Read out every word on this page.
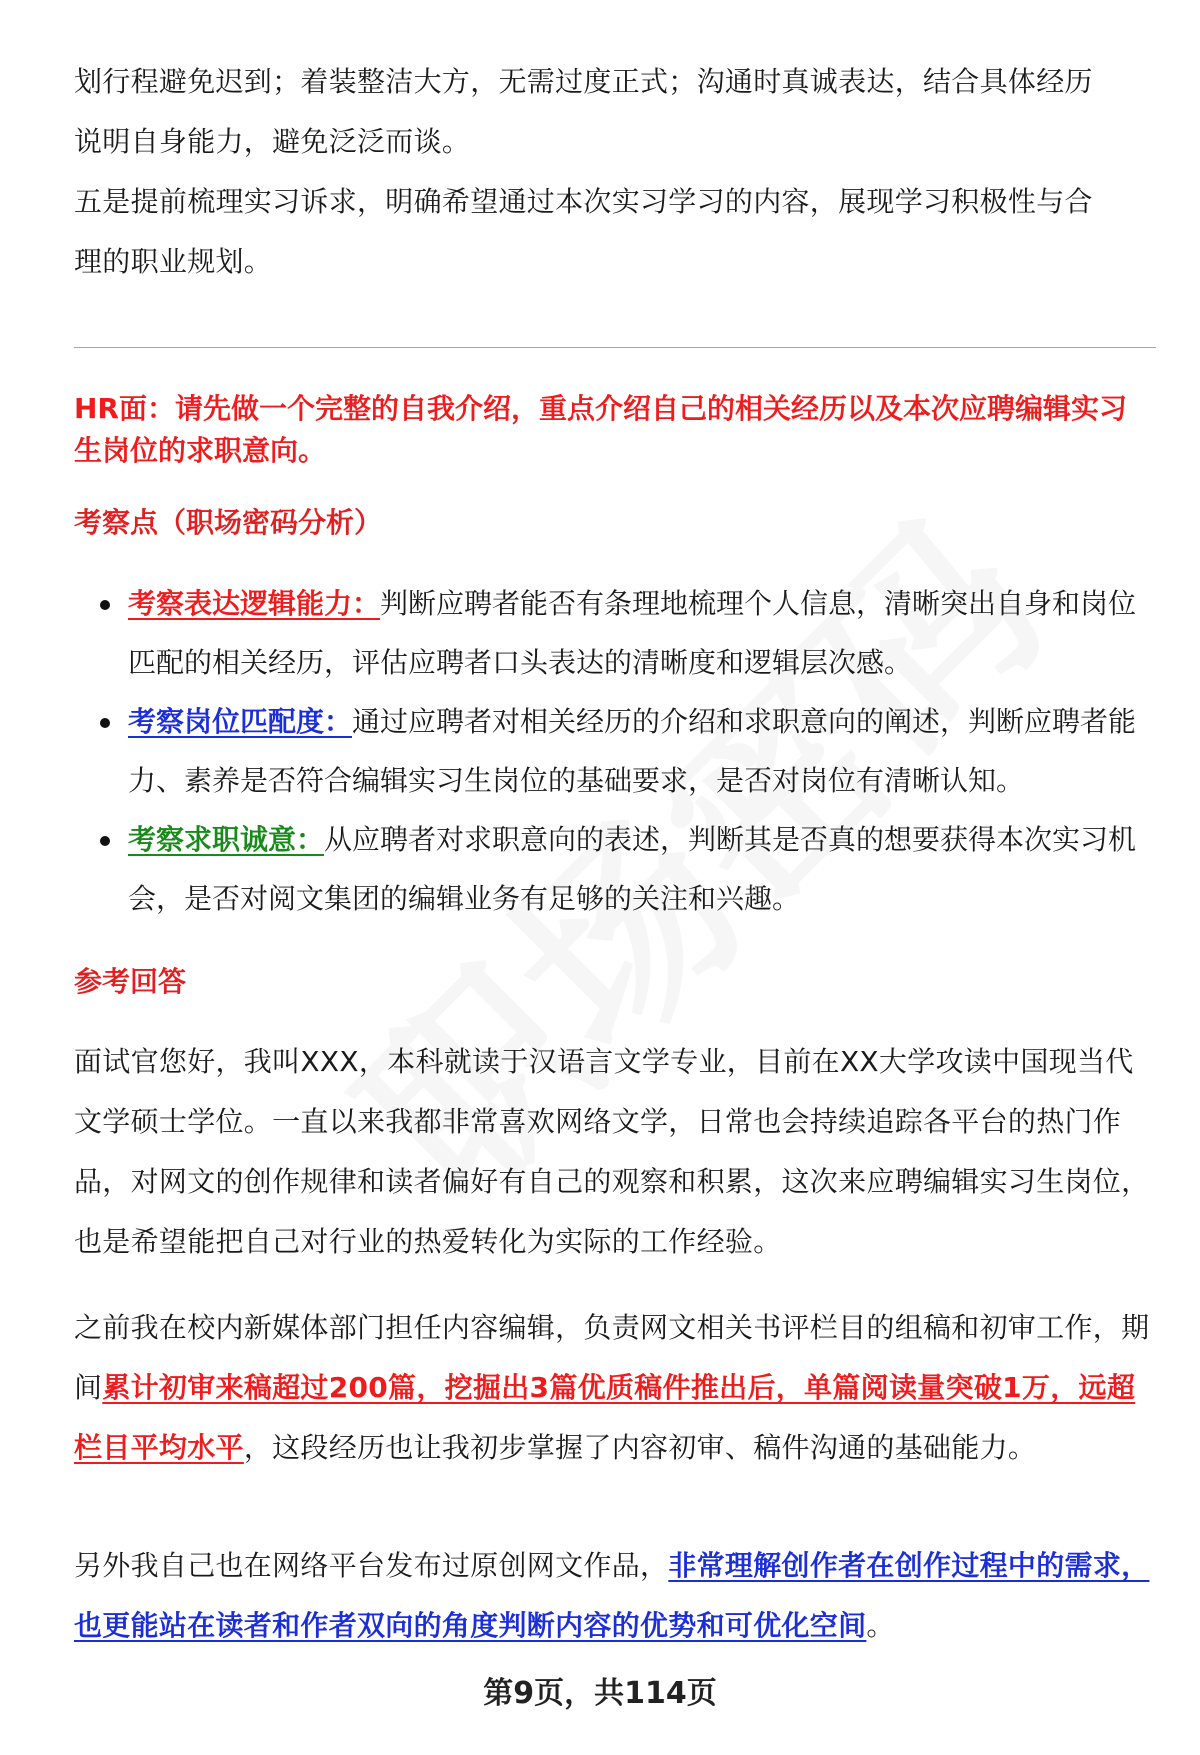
划行程避免迟到；着装整洁大方，无需过度正式；沟通时真诚表达，结合具体经历

说明自身能力，避免泛泛而谈。

五是提前梳理实习诉求，明确希望通过本次实习学习的内容，展现学习积极性与合

理的职业规划。

HR面：请先做一个完整的自我介绍，重点介绍自己的相关经历以及本次应聘编辑实习生岗位的求职意向。

考察点（职场密码分析）

考察表达逻辑能力：判断应聘者能否有条理地梳理个人信息，清晰突出自身和岗位匹配的相关经历，评估应聘者口头表达的清晰度和逻辑层次感。
考察岗位匹配度：通过应聘者对相关经历的介绍和求职意向的阐述，判断应聘者能力、素养是否符合编辑实习生岗位的基础要求，是否对岗位有清晰认知。
考察求职诚意：从应聘者对求职意向的表述，判断其是否真的想要获得本次实习机会，是否对阅文集团的编辑业务有足够的关注和兴趣。

参考回答

面试官您好，我叫XXX，本科就读于汉语言文学专业，目前在XX大学攻读中国现当代文学硕士学位。一直以来我都非常喜欢网络文学，日常也会持续追踪各平台的热门作品，对网文的创作规律和读者偏好有自己的观察和积累，这次来应聘编辑实习生岗位，也是希望能把自己对行业的热爱转化为实际的工作经验。

之前我在校内新媒体部门担任内容编辑，负责网文相关书评栏目的组稿和初审工作，期间累计初审来稿超过200篇，挖掘出3篇优质稿件推出后，单篇阅读量突破1万，远超栏目平均水平，这段经历也让我初步掌握了内容初审、稿件沟通的基础能力。

另外我自己也在网络平台发布过原创网文作品，非常理解创作者在创作过程中的需求，也更能站在读者和作者双向的角度判断内容的优势和可优化空间。

第9页，共114页
